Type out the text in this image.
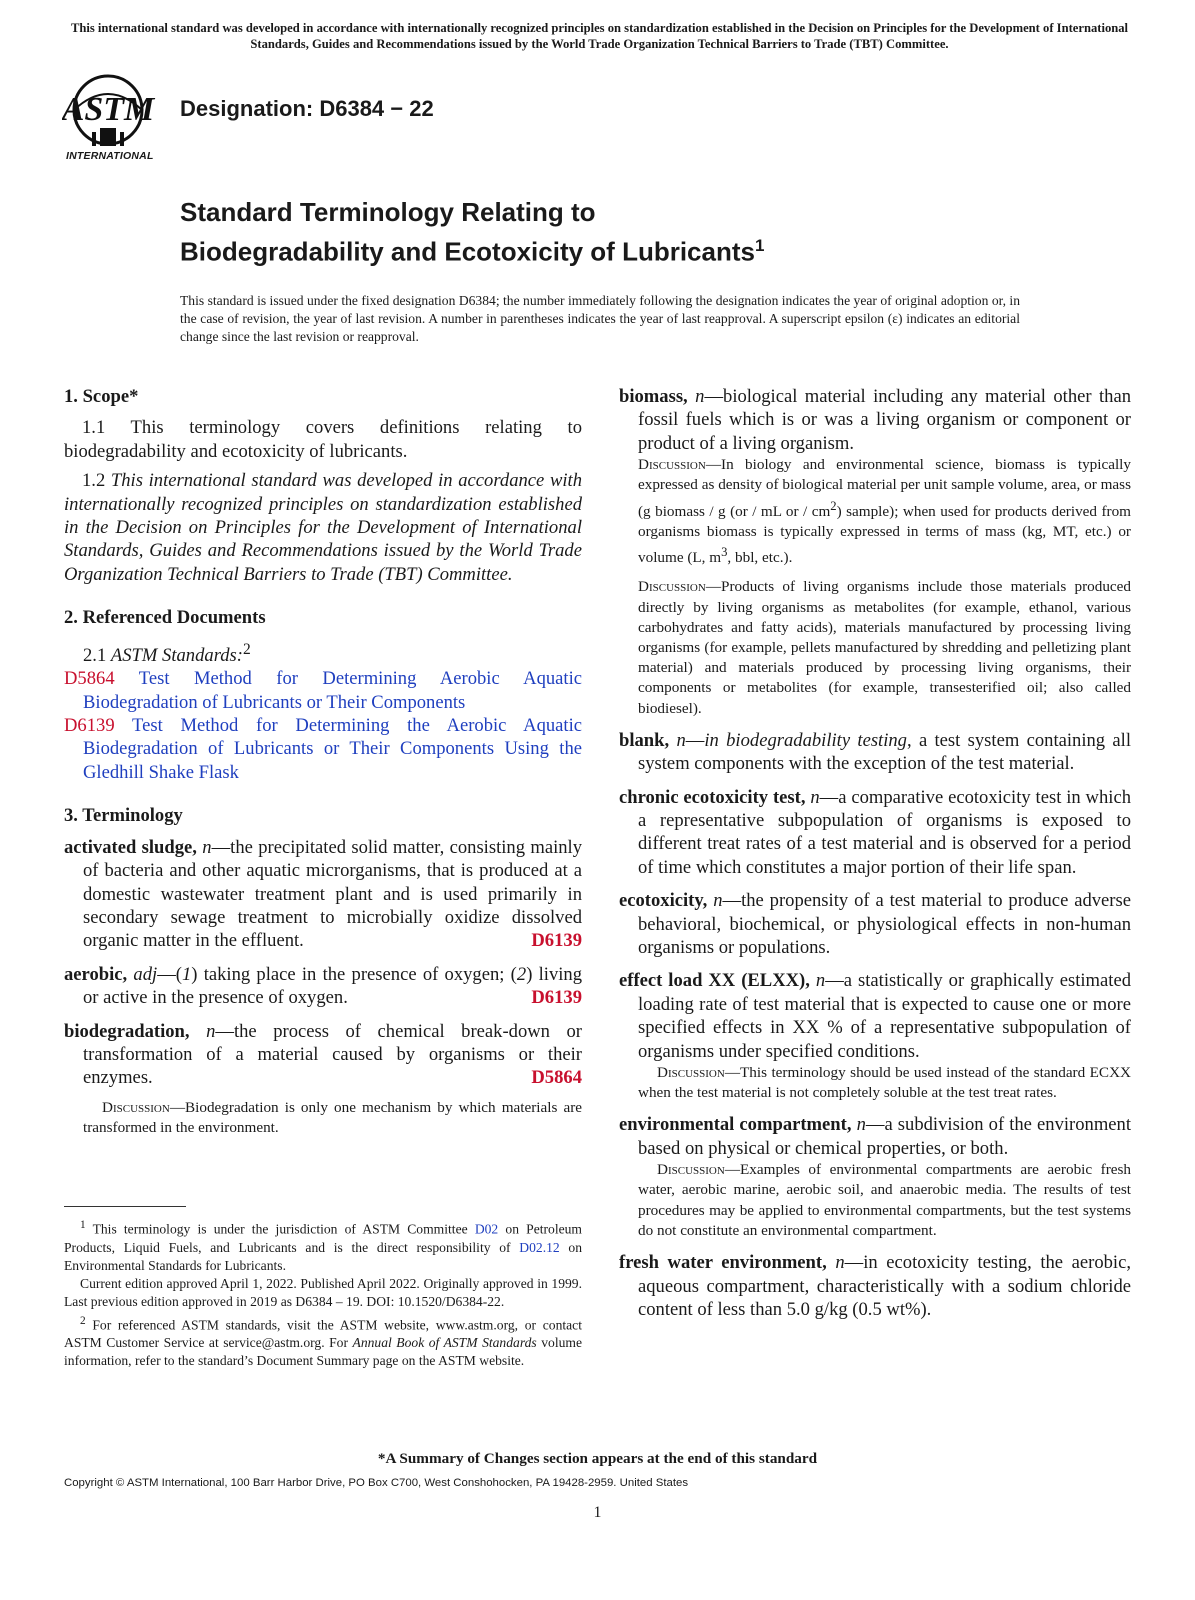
This international standard was developed in accordance with internationally recognized principles on standardization established in the Decision on Principles for the Development of International Standards, Guides and Recommendations issued by the World Trade Organization Technical Barriers to Trade (TBT) Committee.
ASTM
INTERNATIONAL
Designation: D6384 − 22
Standard Terminology Relating to
Biodegradability and Ecotoxicity of Lubricants$^1$
This standard is issued under the fixed designation D6384; the number immediately following the designation indicates the year of original adoption or, in the case of revision, the year of last revision. A number in parentheses indicates the year of last reapproval. A superscript epsilon (ε) indicates an editorial change since the last revision or reapproval.
1. Scope*

1.1 This terminology covers definitions relating to biodegradability and ecotoxicity of lubricants.

1.2 This international standard was developed in accordance with internationally recognized principles on standardization established in the Decision on Principles for the Development of International Standards, Guides and Recommendations issued by the World Trade Organization Technical Barriers to Trade (TBT) Committee.

2. Referenced Documents

2.1 ASTM Standards:$^2$

D5864 Test Method for Determining Aerobic Aquatic Biodegradation of Lubricants or Their Components

D6139 Test Method for Determining the Aerobic Aquatic Biodegradation of Lubricants or Their Components Using the Gledhill Shake Flask

3. Terminology

activated sludge, n—the precipitated solid matter, consisting mainly of bacteria and other aquatic microrganisms, that is produced at a domestic wastewater treatment plant and is used primarily in secondary sewage treatment to microbially oxidize dissolved organic matter in the effluent.	D6139

aerobic, adj—(1) taking place in the presence of oxygen; (2) living or active in the presence of oxygen.	D6139

biodegradation, n—the process of chemical break-down or transformation of a material caused by organisms or their enzymes.	D5864

Discussion—Biodegradation is only one mechanism by which materials are transformed in the environment.

$^1$ This terminology is under the jurisdiction of ASTM Committee D02 on Petroleum Products, Liquid Fuels, and Lubricants and is the direct responsibility of D02.12 on Environmental Standards for Lubricants.

Current edition approved April 1, 2022. Published April 2022. Originally approved in 1999. Last previous edition approved in 2019 as D6384 – 19. DOI: 10.1520/D6384-22.

$^2$ For referenced ASTM standards, visit the ASTM website, www.astm.org, or contact ASTM Customer Service at service@astm.org. For Annual Book of ASTM Standards volume information, refer to the standard’s Document Summary page on the ASTM website.

biomass, n—biological material including any material other than fossil fuels which is or was a living organism or component or product of a living organism.

Discussion—In biology and environmental science, biomass is typically expressed as density of biological material per unit sample volume, area, or mass (g biomass / g (or / mL or / $cm^2$) sample); when used for products derived from organisms biomass is typically expressed in terms of mass (kg, MT, etc.) or volume (L, $m^3$, bbl, etc.).

Discussion—Products of living organisms include those materials produced directly by living organisms as metabolites (for example, ethanol, various carbohydrates and fatty acids), materials manufactured by processing living organisms (for example, pellets manufactured by shredding and pelletizing plant material) and materials produced by processing living organisms, their components or metabolites (for example, transesterified oil; also called biodiesel).

blank, n—in biodegradability testing, a test system containing all system components with the exception of the test material.

chronic ecotoxicity test, n—a comparative ecotoxicity test in which a representative subpopulation of organisms is exposed to different treat rates of a test material and is observed for a period of time which constitutes a major portion of their life span.

ecotoxicity, n—the propensity of a test material to produce adverse behavioral, biochemical, or physiological effects in non-human organisms or populations.

effect load XX (ELXX), n—a statistically or graphically estimated loading rate of test material that is expected to cause one or more specified effects in XX % of a representative subpopulation of organisms under specified conditions.

Discussion—This terminology should be used instead of the standard ECXX when the test material is not completely soluble at the test treat rates.

environmental compartment, n—a subdivision of the environment based on physical or chemical properties, or both.

Discussion—Examples of environmental compartments are aerobic fresh water, aerobic marine, aerobic soil, and anaerobic media. The results of test procedures may be applied to environmental compartments, but the test systems do not constitute an environmental compartment.

fresh water environment, n—in ecotoxicity testing, the aerobic, aqueous compartment, characteristically with a sodium chloride content of less than 5.0 g/kg (0.5 wt%).

*A Summary of Changes section appears at the end of this standard
Copyright © ASTM International, 100 Barr Harbor Drive, PO Box C700, West Conshohocken, PA 19428-2959. United States
1
